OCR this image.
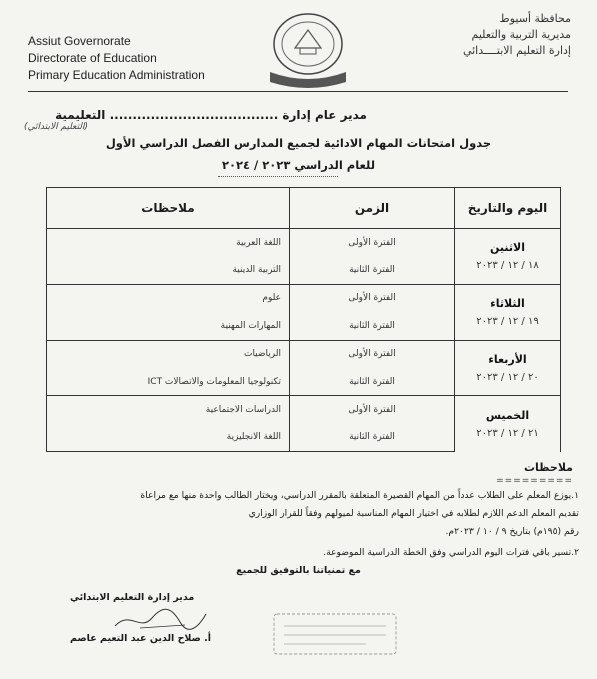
Assiut Governorate
Directorate of Education
Primary Education Administration
محافظة أسيوط
مديرية التربية والتعليم
إدارة التعليم الابتــــدائي
مدير عام إدارة ..................................... التعليمية
(التعليم الابتدائي)
جدول امتحانات المهام الادائية لجميع المدارس الفصل الدراسي الأول
للعام الدراسي ٢٠٢٣ / ٢٠٢٤
اليوم والتاريخ	الزمن	ملاحظات

الاثنين
١٨ / ١٢ / ٢٠٢٣	الفترة الأولى	اللغة العربية
	الفترة الثانية	التربية الدينية

الثلاثاء
١٩ / ١٢ / ٢٠٢٣	الفترة الأولى	علوم
	الفترة الثانية	المهارات المهنية

الأربعاء
٢٠ / ١٢ / ٢٠٢٣	الفترة الأولى	الرياضيات
	الفترة الثانية	تكنولوجيا المعلومات والاتصالات ICT

الخميس
٢١ / ١٢ / ٢٠٢٣	الفترة الأولى	الدراسات الاجتماعية
	الفترة الثانية	اللغة الانجليزية
ملاحظات
=========
١.يوزع المعلم على الطلاب عدداً من المهام القصيرة المتعلقة بالمقرر الدراسي، ويختار الطالب واحدة منها مع مراعاة
تقديم المعلم الدعم اللازم لطلابه في اختيار المهام المناسبة لميولهم وفقاً للقرار الوزاري
رقم (١٩٥م) بتاريخ ٩ / ١٠ / ٢٠٢٣م.
٢.تسير باقي فترات اليوم الدراسي وفق الخطة الدراسية الموضوعة.
مع تمنياتنا بالتوفيق للجميع
مدير إدارة التعليم الابتدائي
أ. صلاح الدين عبد التعيم عاصم
